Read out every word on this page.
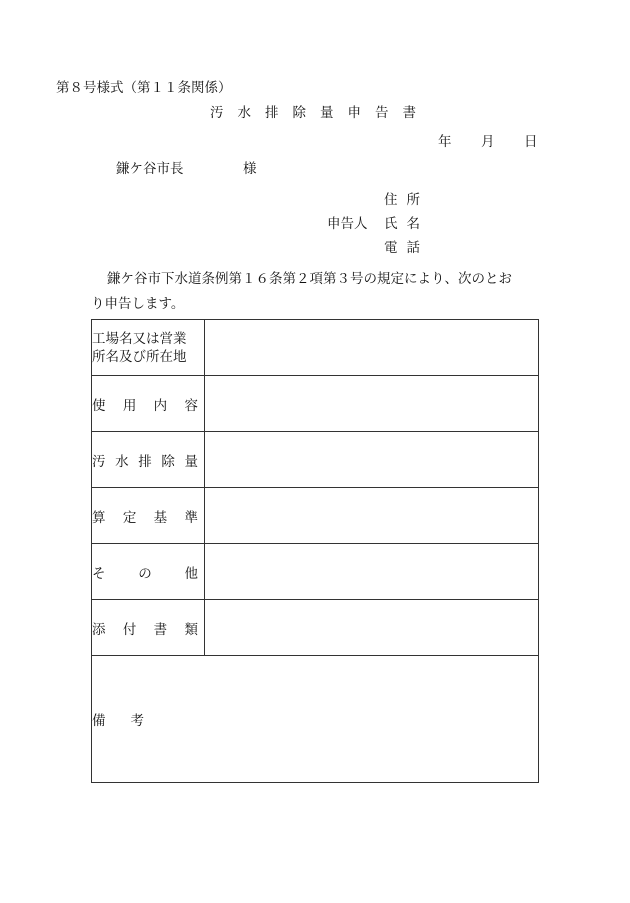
第８号様式（第１１条関係）
汚水排除量申告書
年	月	日
鎌ケ谷市長	様
住所
申告人 氏名
電話
鎌ケ谷市下水道条例第１６条第２項第３号の規定により、次のとお
り申告します。
工場名又は営業
所名及び所在地	

使 用 内 容	

汚 水 排 除 量	

算 定 基 準	

そ の 他	

添 付 書 類	

備 考	
